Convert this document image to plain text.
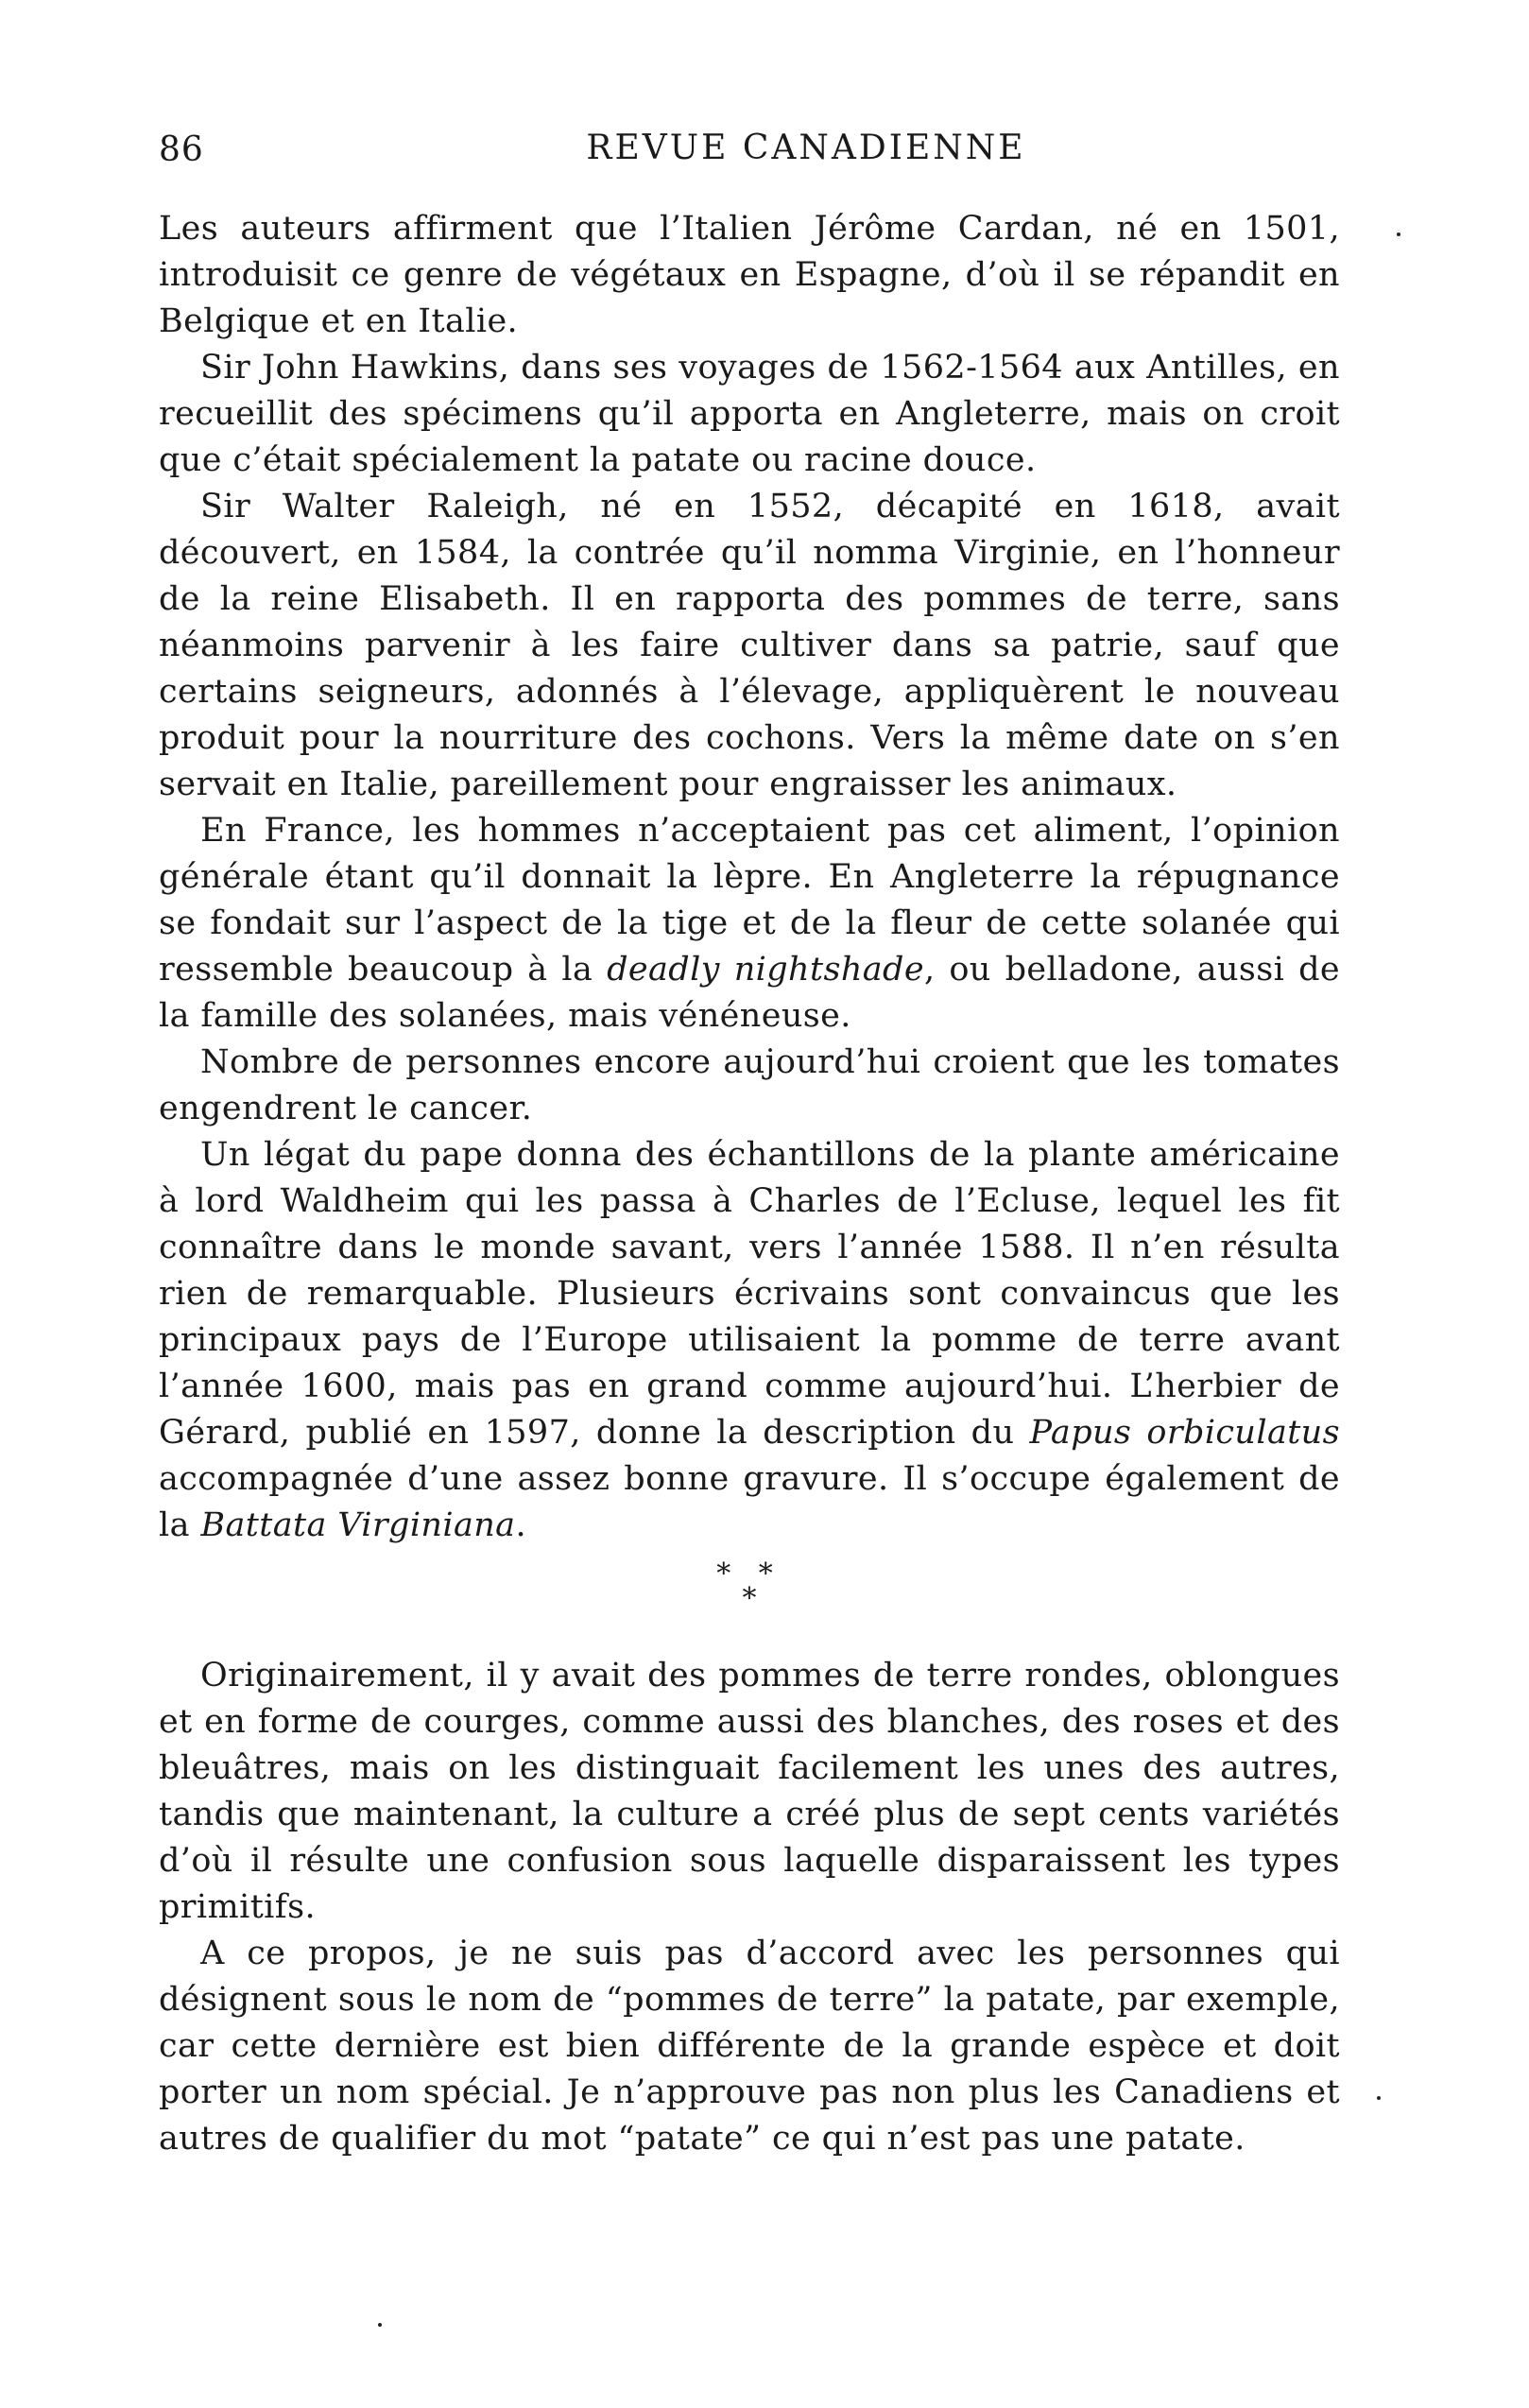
86	REVUE CANADIENNE

Les auteurs affirment que l’Italien Jérôme Cardan, né en 1501, introduisit ce genre de végétaux en Espagne, d’où il se répandit en Belgique et en Italie.

Sir John Hawkins, dans ses voyages de 1562-1564 aux Antilles, en recueillit des spécimens qu’il apporta en Angleterre, mais on croit que c’était spécialement la patate ou racine douce.

Sir Walter Raleigh, né en 1552, décapité en 1618, avait découvert, en 1584, la contrée qu’il nomma Virginie, en l’honneur de la reine Elisabeth. Il en rapporta des pommes de terre, sans néanmoins parvenir à les faire cultiver dans sa patrie, sauf que certains seigneurs, adonnés à l’élevage, appliquèrent le nouveau produit pour la nourriture des cochons. Vers la même date on s’en servait en Italie, pareillement pour engraisser les animaux.

En France, les hommes n’acceptaient pas cet aliment, l’opinion générale étant qu’il donnait la lèpre. En Angleterre la répugnance se fondait sur l’aspect de la tige et de la fleur de cette solanée qui ressemble beaucoup à la deadly nightshade, ou belladone, aussi de la famille des solanées, mais vénéneuse.

Nombre de personnes encore aujourd’hui croient que les tomates engendrent le cancer.

Un légat du pape donna des échantillons de la plante américaine à lord Waldheim qui les passa à Charles de l’Ecluse, lequel les fit connaître dans le monde savant, vers l’année 1588. Il n’en résulta rien de remarquable. Plusieurs écrivains sont convaincus que les principaux pays de l’Europe utilisaient la pomme de terre avant l’année 1600, mais pas en grand comme aujourd’hui. L’herbier de Gérard, publié en 1597, donne la description du Papus orbiculatus accompagnée d’une assez bonne gravure. Il s’occupe également de la Battata Virginiana.

* *
*

Originairement, il y avait des pommes de terre rondes, oblongues et en forme de courges, comme aussi des blanches, des roses et des bleuâtres, mais on les distinguait facilement les unes des autres, tandis que maintenant, la culture a créé plus de sept cents variétés d’où il résulte une confusion sous laquelle disparaissent les types primitifs.

A ce propos, je ne suis pas d’accord avec les personnes qui désignent sous le nom de “pommes de terre” la patate, par exemple, car cette dernière est bien différente de la grande espèce et doit porter un nom spécial. Je n’approuve pas non plus les Canadiens et autres de qualifier du mot “patate” ce qui n’est pas une patate.
